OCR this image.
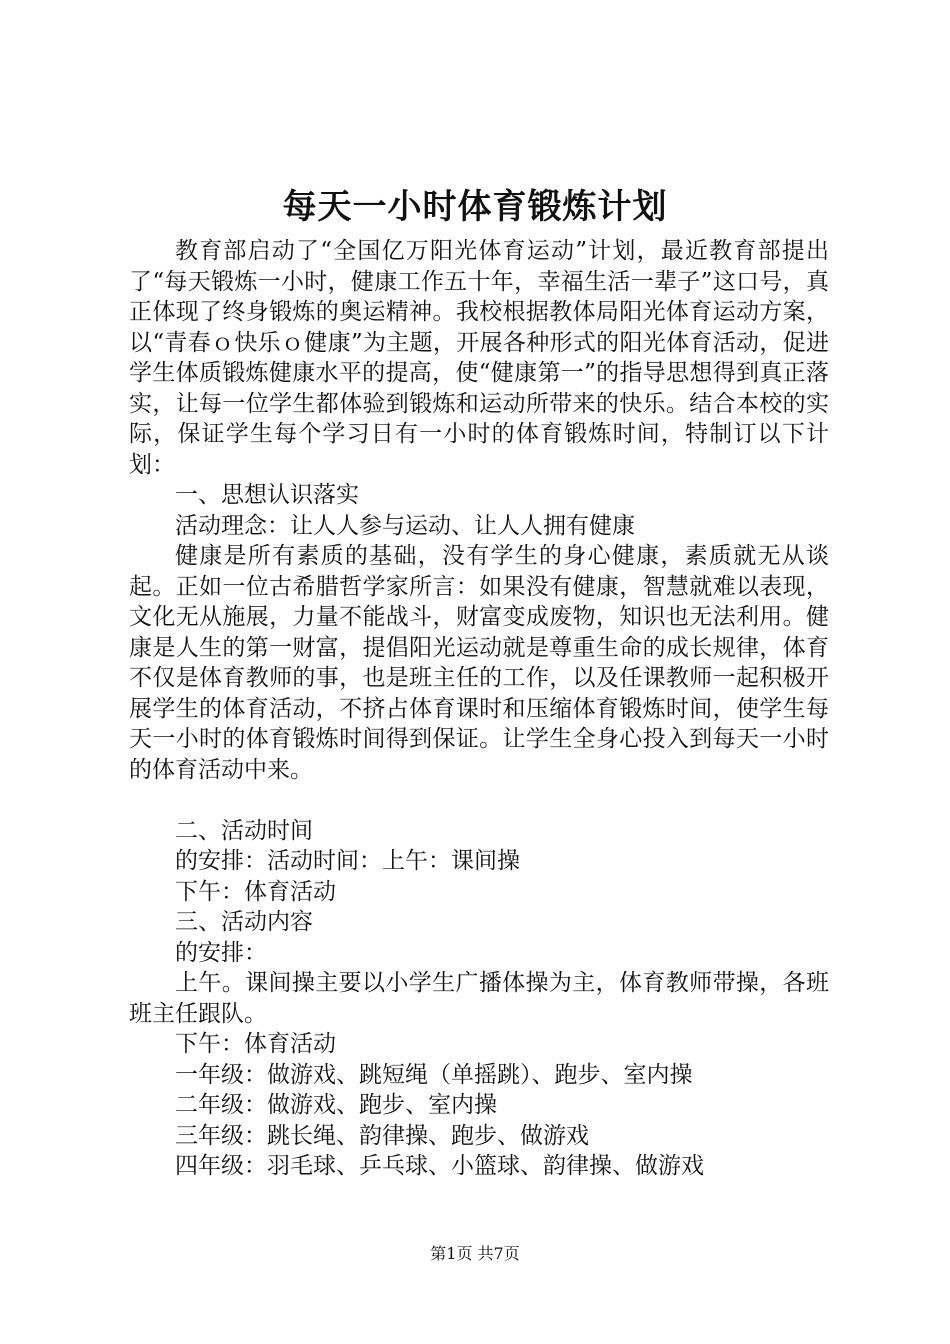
每天一小时体育锻炼计划

教育部启动了“全国亿万阳光体育运动”计划，最近教育部提出了“每天锻炼一小时，健康工作五十年，幸福生活一辈子”这口号，真正体现了终身锻炼的奥运精神。我校根据教体局阳光体育运动方案，以“青春ｏ快乐ｏ健康”为主题，开展各种形式的阳光体育活动，促进学生体质锻炼健康水平的提高，使“健康第一”的指导思想得到真正落实，让每一位学生都体验到锻炼和运动所带来的快乐。结合本校的实际，保证学生每个学习日有一小时的体育锻炼时间，特制订以下计划：

一、思想认识落实

活动理念：让人人参与运动、让人人拥有健康

健康是所有素质的基础，没有学生的身心健康，素质就无从谈起。正如一位古希腊哲学家所言：如果没有健康，智慧就难以表现，文化无从施展，力量不能战斗，财富变成废物，知识也无法利用。健康是人生的第一财富，提倡阳光运动就是尊重生命的成长规律，体育不仅是体育教师的事，也是班主任的工作，以及任课教师一起积极开展学生的体育活动，不挤占体育课时和压缩体育锻炼时间，使学生每天一小时的体育锻炼时间得到保证。让学生全身心投入到每天一小时的体育活动中来。

二、活动时间

的安排：活动时间：上午：课间操

下午：体育活动

三、活动内容

的安排：

上午。课间操主要以小学生广播体操为主，体育教师带操，各班班主任跟队。

下午：体育活动

一年级：做游戏、跳短绳（单摇跳）、跑步、室内操

二年级：做游戏、跑步、室内操

三年级：跳长绳、韵律操、跑步、做游戏

四年级：羽毛球、乒乓球、小篮球、韵律操、做游戏

第1页 共7页
